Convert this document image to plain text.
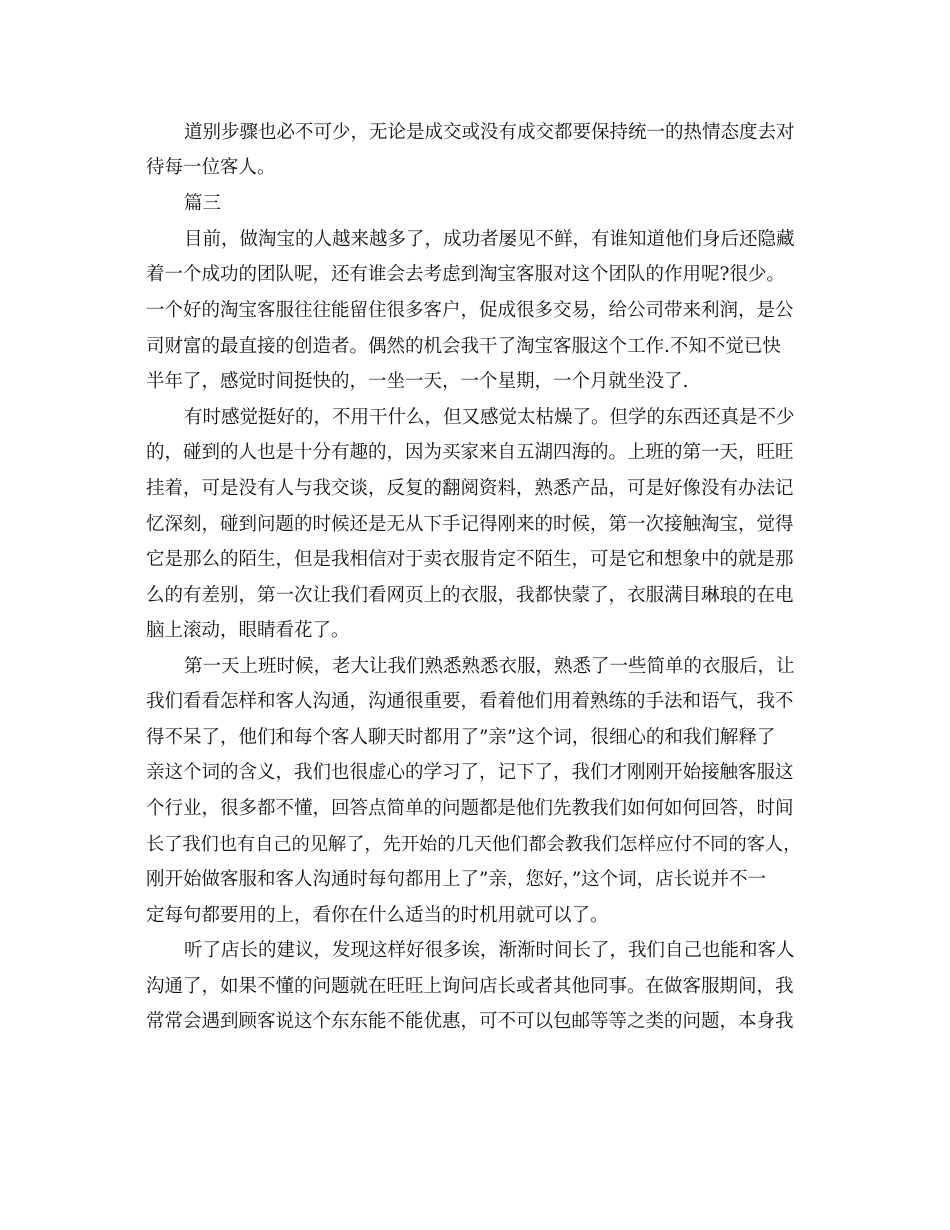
道别步骤也必不可少，无论是成交或没有成交都要保持统一的热情态度去对
待每一位客人。
篇三
目前，做淘宝的人越来越多了，成功者屡见不鲜，有谁知道他们身后还隐藏
着一个成功的团队呢，还有谁会去考虑到淘宝客服对这个团队的作用呢?很少。
一个好的淘宝客服往往能留住很多客户，促成很多交易，给公司带来利润，是公
司财富的最直接的创造者。偶然的机会我干了淘宝客服这个工作.不知不觉已快
半年了，感觉时间挺快的，一坐一天，一个星期，一个月就坐没了.
有时感觉挺好的，不用干什么，但又感觉太枯燥了。但学的东西还真是不少
的，碰到的人也是十分有趣的，因为买家来自五湖四海的。上班的第一天，旺旺
挂着，可是没有人与我交谈，反复的翻阅资料，熟悉产品，可是好像没有办法记
忆深刻，碰到问题的时候还是无从下手记得刚来的时候，第一次接触淘宝，觉得
它是那么的陌生，但是我相信对于卖衣服肯定不陌生，可是它和想象中的就是那
么的有差别，第一次让我们看网页上的衣服，我都快蒙了，衣服满目琳琅的在电
脑上滚动，眼睛看花了。
第一天上班时候，老大让我们熟悉熟悉衣服，熟悉了一些简单的衣服后，让
我们看看怎样和客人沟通，沟通很重要，看着他们用着熟练的手法和语气，我不
得不呆了，他们和每个客人聊天时都用了”亲”这个词，很细心的和我们解释了
亲这个词的含义，我们也很虚心的学习了，记下了，我们才刚刚开始接触客服这
个行业，很多都不懂，回答点简单的问题都是他们先教我们如何如何回答，时间
长了我们也有自己的见解了，先开始的几天他们都会教我们怎样应付不同的客人，
刚开始做客服和客人沟通时每句都用上了”亲，您好，”这个词，店长说并不一
定每句都要用的上，看你在什么适当的时机用就可以了。
听了店长的建议，发现这样好很多诶，渐渐时间长了，我们自己也能和客人
沟通了，如果不懂的问题就在旺旺上询问店长或者其他同事。在做客服期间，我
常常会遇到顾客说这个东东能不能优惠，可不可以包邮等等之类的问题，本身我
